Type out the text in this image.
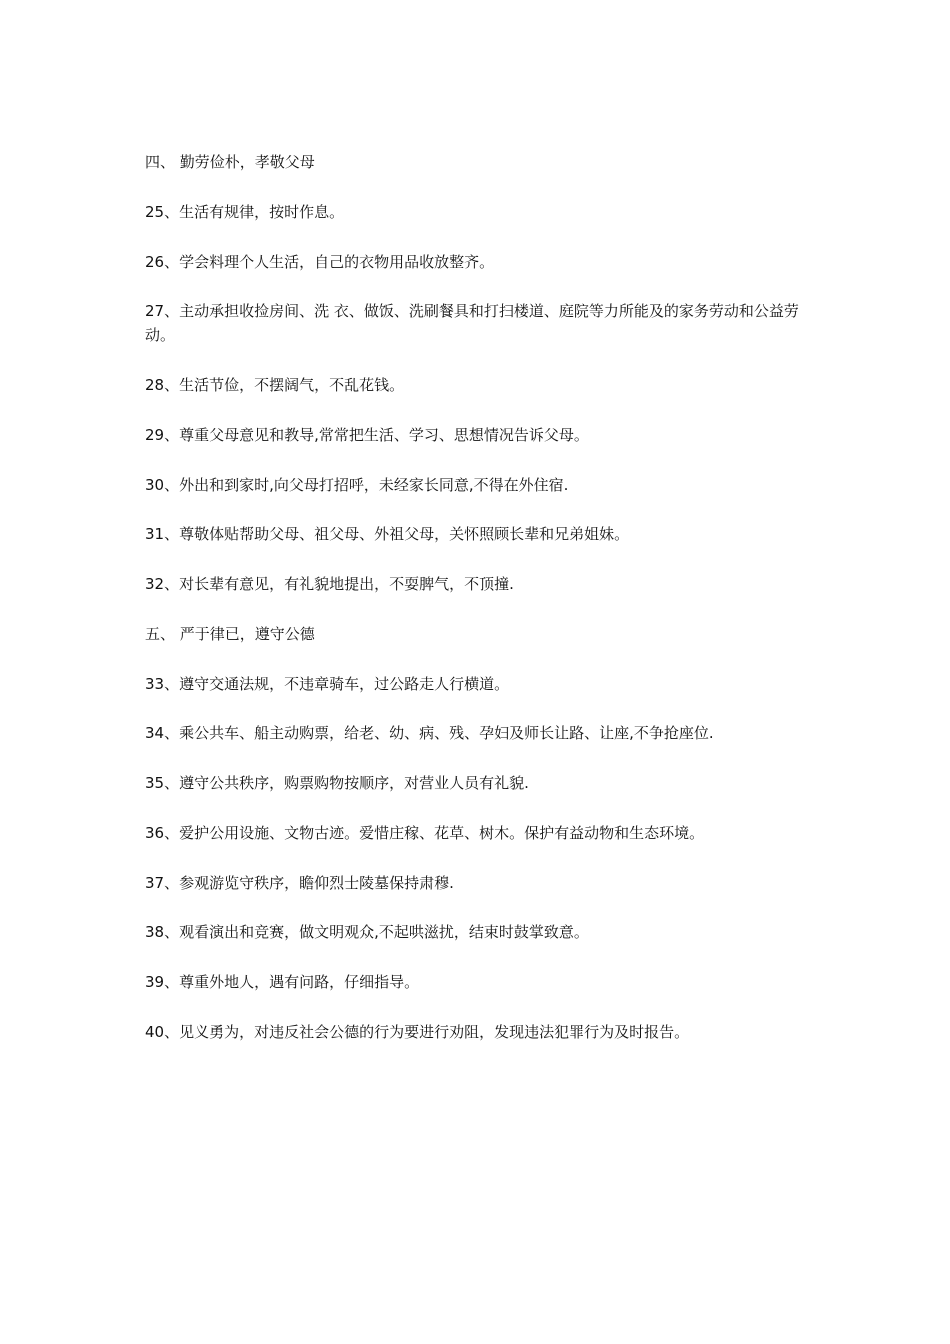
四、 勤劳俭朴，孝敬父母
25、生活有规律，按时作息。
26、学会料理个人生活，自己的衣物用品收放整齐。
27、主动承担收捡房间、洗 衣、做饭、洗刷餐具和打扫楼道、庭院等力所能及的家务劳动和公益劳动。
28、生活节俭，不摆阔气，不乱花钱。
29、尊重父母意见和教导,常常把生活、学习、思想情况告诉父母。
30、外出和到家时,向父母打招呼，未经家长同意,不得在外住宿.
31、尊敬体贴帮助父母、祖父母、外祖父母，关怀照顾长辈和兄弟姐妹。
32、对长辈有意见，有礼貌地提出，不耍脾气，不顶撞.
五、 严于律已，遵守公德
33、遵守交通法规，不违章骑车，过公路走人行横道。
34、乘公共车、船主动购票，给老、幼、病、残、孕妇及师长让路、让座,不争抢座位.
35、遵守公共秩序，购票购物按顺序，对营业人员有礼貌.
36、爱护公用设施、文物古迹。爱惜庄稼、花草、树木。保护有益动物和生态环境。
37、参观游览守秩序，瞻仰烈士陵墓保持肃穆.
38、观看演出和竞赛，做文明观众,不起哄滋扰，结束时鼓掌致意。
39、尊重外地人，遇有问路，仔细指导。
40、见义勇为，对违反社会公德的行为要进行劝阻，发现违法犯罪行为及时报告。
